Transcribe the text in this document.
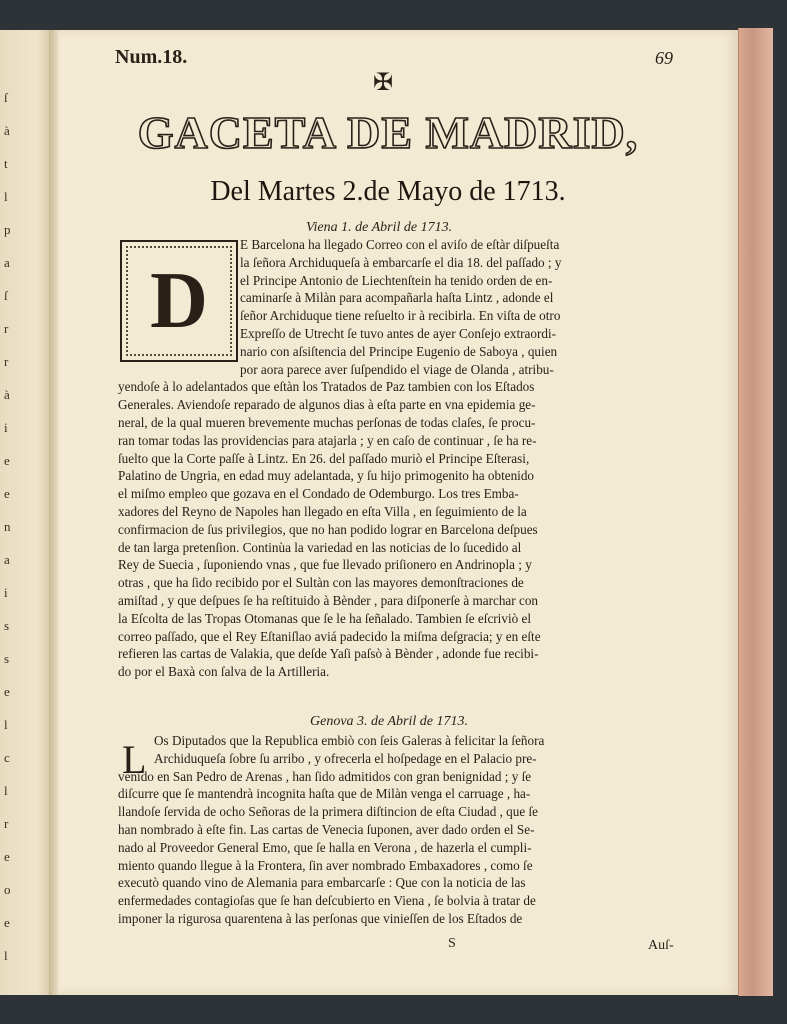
ſ
à
t
l
p
a
ſ
r
r
à
i
e
e
n
a
i
s
s
e
l
c
l
r
e
o
e
l
Num.18.	69
✠
GACETA DE MADRID,
Del Martes 2.de Mayo de 1713.
Viena 1. de Abril de 1713.
D
E Barcelona ha llegado Correo con el aviſo de eſtàr diſpueſta
la ſeñora Archiduqueſa à embarcarſe el dia 18. del paſſado ; y
el Principe Antonio de Liechtenſtein ha tenido orden de en-
caminarſe à Milàn para acompañarla haſta Lintz , adonde el
ſeñor Archiduque tiene reſuelto ir à recibirla. En viſta de otro
Expreſſo de Utrecht ſe tuvo antes de ayer Conſejo extraordi-
nario con aſsiſtencia del Principe Eugenio de Saboya , quien
por aora parece aver ſuſpendido el viage de Olanda , atribu-
yendoſe à lo adelantados que eſtàn los Tratados de Paz tambien con los Eſtados
Generales. Aviendoſe reparado de algunos dias à eſta parte en vna epidemia ge-
neral, de la qual mueren brevemente muchas perſonas de todas claſes, ſe procu-
ran tomar todas las providencias para atajarla ; y en caſo de continuar , ſe ha re-
ſuelto que la Corte paſſe à Lintz. En 26. del paſſado muriò el Principe Eſterasi,
Palatino de Ungria, en edad muy adelantada, y ſu hijo primogenito ha obtenido
el miſmo empleo que gozava en el Condado de Odemburgo. Los tres Emba-
xadores del Reyno de Napoles han llegado en eſta Villa , en ſeguimiento de la
confirmacion de ſus privilegios, que no han podido lograr en Barcelona deſpues
de tan larga pretenſion. Continùa la variedad en las noticias de lo ſucedido al
Rey de Suecia , ſuponiendo vnas , que fue llevado priſionero en Andrinopla ; y
otras , que ha ſido recibido por el Sultàn con las mayores demonſtraciones de
amiſtad , y que deſpues ſe ha reſtituido à Bènder , para diſponerſe à marchar con
la Eſcolta de las Tropas Otomanas que ſe le ha ſeñalado. Tambien ſe eſcriviò el
correo paſſado, que el Rey Eſtaniſlao aviá padecido la miſma deſgracia; y en eſte
refieren las cartas de Valakia, que deſde Yaſi paſsò à Bènder , adonde fue recibi-
do por el Baxà con ſalva de la Artilleria.
Genova 3. de Abril de 1713.
L Os Diputados que la Republica embiò con ſeis Galeras à felicitar la ſeñora
Archiduqueſa ſobre ſu arribo , y ofrecerla el hoſpedage en el Palacio pre-
venido en San Pedro de Arenas , han ſido admitidos con gran benignidad ; y ſe
diſcurre que ſe mantendrà incognita haſta que de Milàn venga el carruage , ha-
llandoſe ſervida de ocho Señoras de la primera diſtincion de eſta Ciudad , que ſe
han nombrado à eſte fin. Las cartas de Venecia ſuponen, aver dado orden el Se-
nado al Proveedor General Emo, que ſe halla en Verona , de hazerla el cumpli-
miento quando llegue à la Frontera, ſin aver nombrado Embaxadores , como ſe
executò quando vino de Alemania para embarcarſe : Que con la noticia de las
enfermedades contagioſas que ſe han deſcubierto en Viena , ſe bolvia à tratar de
imponer la rigurosa quarentena à las perſonas que vinieſſen de los Eſtados de
S	Auſ-
